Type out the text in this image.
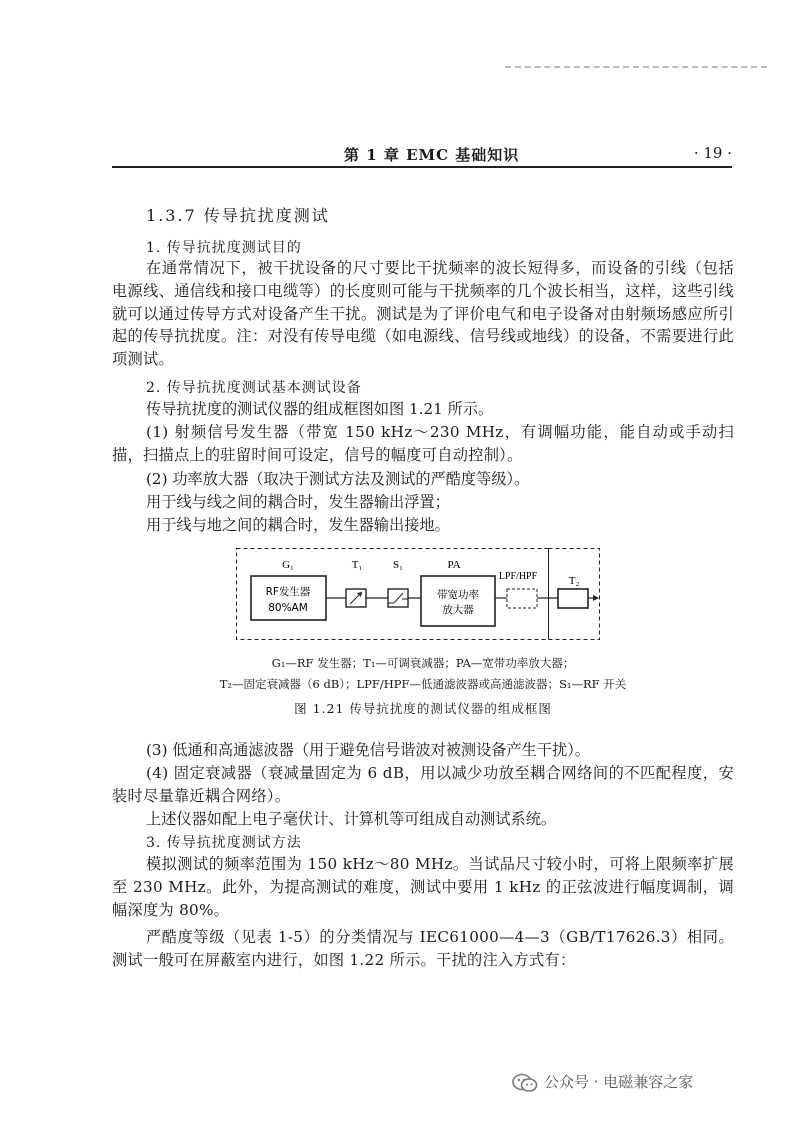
第 1 章 EMC 基础知识	· 19 ·
1.3.7 传导抗扰度测试
1. 传导抗扰度测试目的

在通常情况下，被干扰设备的尺寸要比干扰频率的波长短得多，而设备的引线（包括电源线、通信线和接口电缆等）的长度则可能与干扰频率的几个波长相当，这样，这些引线就可以通过传导方式对设备产生干扰。测试是为了评价电气和电子设备对由射频场感应所引起的传导抗扰度。注：对没有传导电缆（如电源线、信号线或地线）的设备，不需要进行此项测试。

2. 传导抗扰度测试基本测试设备
传导抗扰度的测试仪器的组成框图如图 1.21 所示。

(1) 射频信号发生器（带宽 150 kHz～230 MHz，有调幅功能，能自动或手动扫描，扫描点上的驻留时间可设定，信号的幅度可自动控制）。

(2) 功率放大器（取决于测试方法及测试的严酷度等级）。
用于线与线之间的耦合时，发生器输出浮置；
用于线与地之间的耦合时，发生器输出接地。
G₁	T₁	S₁	PA
LPF/HPF	T₂
RF发生器
80%AM
带宽功率
放大器
G₁—RF 发生器；T₁—可调衰减器；PA—宽带功率放大器；
T₂—固定衰减器（6 dB）；LPF/HPF—低通滤波器或高通滤波器；S₁—RF 开关
图 1.21 传导抗扰度的测试仪器的组成框图
(3) 低通和高通滤波器（用于避免信号谐波对被测设备产生干扰）。

(4) 固定衰减器（衰减量固定为 6 dB，用以减少功放至耦合网络间的不匹配程度，安装时尽量靠近耦合网络）。

上述仪器如配上电子毫伏计、计算机等可组成自动测试系统。
3. 传导抗扰度测试方法

模拟测试的频率范围为 150 kHz～80 MHz。当试品尺寸较小时，可将上限频率扩展至 230 MHz。此外，为提高测试的难度，测试中要用 1 kHz 的正弦波进行幅度调制，调幅深度为 80%。

严酷度等级（见表 1-5）的分类情况与 IEC61000—4—3（GB/T17626.3）相同。测试一般可在屏蔽室内进行，如图 1.22 所示。干扰的注入方式有：

公众号 · 电磁兼容之家
